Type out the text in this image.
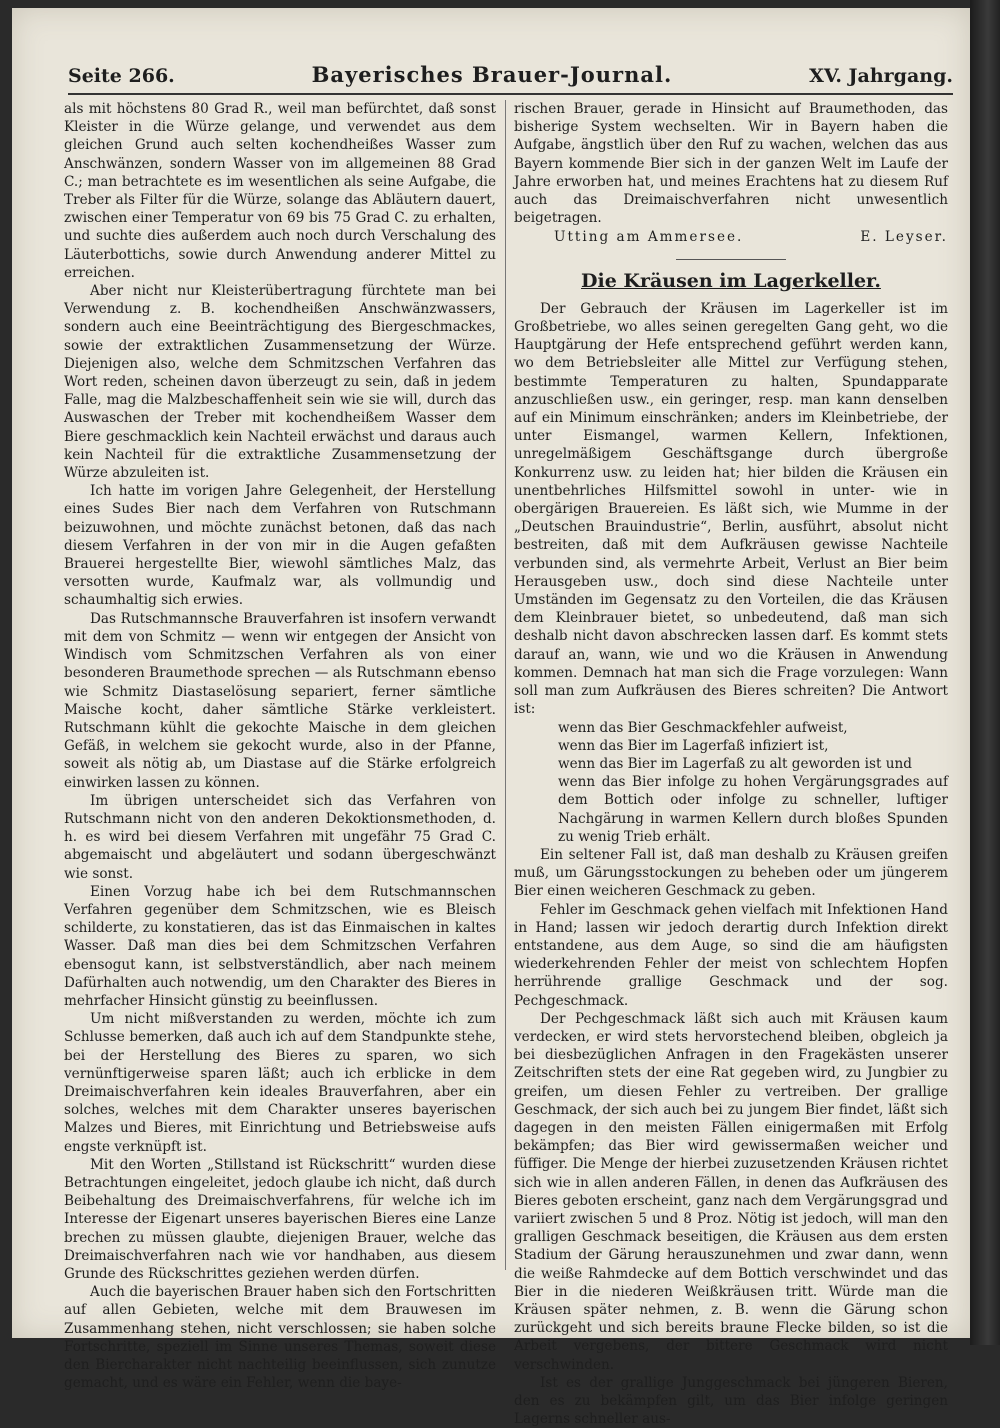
Seite 266.	Bayerisches Brauer-Journal.	XV. Jahrgang.

als mit höchstens 80 Grad R., weil man befürchtet, daß sonst Kleister in die Würze gelange, und verwendet aus dem gleichen Grund auch selten kochendheißes Wasser zum Anschwänzen, sondern Wasser von im allgemeinen 88 Grad C.; man betrachtete es im wesentlichen als seine Aufgabe, die Treber als Filter für die Würze, solange das Abläutern dauert, zwischen einer Temperatur von 69 bis 75 Grad C. zu erhalten, und suchte dies außerdem auch noch durch Verschalung des Läuterbottichs, sowie durch Anwendung anderer Mittel zu erreichen.

Aber nicht nur Kleisterübertragung fürchtete man bei Verwendung z. B. kochendheißen Anschwänzwassers, sondern auch eine Beeinträchtigung des Biergeschmackes, sowie der extraktlichen Zusammensetzung der Würze. Diejenigen also, welche dem Schmitzschen Verfahren das Wort reden, scheinen davon überzeugt zu sein, daß in jedem Falle, mag die Malzbeschaffenheit sein wie sie will, durch das Auswaschen der Treber mit kochendheißem Wasser dem Biere geschmacklich kein Nachteil erwächst und daraus auch kein Nachteil für die extraktliche Zusammensetzung der Würze abzuleiten ist.

Ich hatte im vorigen Jahre Gelegenheit, der Herstellung eines Sudes Bier nach dem Verfahren von Rutschmann beizuwohnen, und möchte zunächst betonen, daß das nach diesem Verfahren in der von mir in die Augen gefaßten Brauerei hergestellte Bier, wiewohl sämtliches Malz, das versotten wurde, Kaufmalz war, als vollmundig und schaumhaltig sich erwies.

Das Rutschmannsche Brauverfahren ist insofern verwandt mit dem von Schmitz — wenn wir entgegen der Ansicht von Windisch vom Schmitzschen Verfahren als von einer besonderen Braumethode sprechen — als Rutschmann ebenso wie Schmitz Diastaselösung separiert, ferner sämtliche Maische kocht, daher sämtliche Stärke verkleistert. Rutschmann kühlt die gekochte Maische in dem gleichen Gefäß, in welchem sie gekocht wurde, also in der Pfanne, soweit als nötig ab, um Diastase auf die Stärke erfolgreich einwirken lassen zu können.

Im übrigen unterscheidet sich das Verfahren von Rutschmann nicht von den anderen Dekoktionsmethoden, d. h. es wird bei diesem Verfahren mit ungefähr 75 Grad C. abgemaischt und abgeläutert und sodann übergeschwänzt wie sonst.

Einen Vorzug habe ich bei dem Rutschmannschen Verfahren gegenüber dem Schmitzschen, wie es Bleisch schilderte, zu konstatieren, das ist das Einmaischen in kaltes Wasser. Daß man dies bei dem Schmitzschen Verfahren ebensogut kann, ist selbstverständlich, aber nach meinem Dafürhalten auch notwendig, um den Charakter des Bieres in mehrfacher Hinsicht günstig zu beeinflussen.

Um nicht mißverstanden zu werden, möchte ich zum Schlusse bemerken, daß auch ich auf dem Standpunkte stehe, bei der Herstellung des Bieres zu sparen, wo sich vernünftigerweise sparen läßt; auch ich erblicke in dem Dreimaischverfahren kein ideales Brauverfahren, aber ein solches, welches mit dem Charakter unseres bayerischen Malzes und Bieres, mit Einrichtung und Betriebsweise aufs engste verknüpft ist.

Mit den Worten „Stillstand ist Rückschritt“ wurden diese Betrachtungen eingeleitet, jedoch glaube ich nicht, daß durch Beibehaltung des Dreimaischverfahrens, für welche ich im Interesse der Eigenart unseres bayerischen Bieres eine Lanze brechen zu müssen glaubte, diejenigen Brauer, welche das Dreimaischverfahren nach wie vor handhaben, aus diesem Grunde des Rückschrittes geziehen werden dürfen.

Auch die bayerischen Brauer haben sich den Fortschritten auf allen Gebieten, welche mit dem Brauwesen im Zusammenhang stehen, nicht verschlossen; sie haben solche Fortschritte, speziell im Sinne unseres Themas, soweit diese den Biercharakter nicht nachteilig beeinflussen, sich zunutze gemacht, und es wäre ein Fehler, wenn die baye-

rischen Brauer, gerade in Hinsicht auf Braumethoden, das bisherige System wechselten. Wir in Bayern haben die Aufgabe, ängstlich über den Ruf zu wachen, welchen das aus Bayern kommende Bier sich in der ganzen Welt im Laufe der Jahre erworben hat, und meines Erachtens hat zu diesem Ruf auch das Dreimaischverfahren nicht unwesentlich beigetragen.

Utting am Ammersee.	E. Leyser.
Die Kräusen im Lagerkeller.

Der Gebrauch der Kräusen im Lagerkeller ist im Großbetriebe, wo alles seinen geregelten Gang geht, wo die Hauptgärung der Hefe entsprechend geführt werden kann, wo dem Betriebsleiter alle Mittel zur Verfügung stehen, bestimmte Temperaturen zu halten, Spundapparate anzuschließen usw., ein geringer, resp. man kann denselben auf ein Minimum einschränken; anders im Kleinbetriebe, der unter Eismangel, warmen Kellern, Infektionen, unregelmäßigem Geschäftsgange durch übergroße Konkurrenz usw. zu leiden hat; hier bilden die Kräusen ein unentbehrliches Hilfsmittel sowohl in unter- wie in obergärigen Brauereien. Es läßt sich, wie Mumme in der „Deutschen Brauindustrie“, Berlin, ausführt, absolut nicht bestreiten, daß mit dem Aufkräusen gewisse Nachteile verbunden sind, als vermehrte Arbeit, Verlust an Bier beim Herausgeben usw., doch sind diese Nachteile unter Umständen im Gegensatz zu den Vorteilen, die das Kräusen dem Kleinbrauer bietet, so unbedeutend, daß man sich deshalb nicht davon abschrecken lassen darf. Es kommt stets darauf an, wann, wie und wo die Kräusen in Anwendung kommen. Demnach hat man sich die Frage vorzulegen: Wann soll man zum Aufkräusen des Bieres schreiten? Die Antwort ist:

wenn das Bier Geschmackfehler aufweist,
wenn das Bier im Lagerfaß infiziert ist,
wenn das Bier im Lagerfaß zu alt geworden ist und
wenn das Bier infolge zu hohen Vergärungsgrades auf dem Bottich oder infolge zu schneller, luftiger Nachgärung in warmen Kellern durch bloßes Spunden zu wenig Trieb erhält.

Ein seltener Fall ist, daß man deshalb zu Kräusen greifen muß, um Gärungsstockungen zu beheben oder um jüngerem Bier einen weicheren Geschmack zu geben.

Fehler im Geschmack gehen vielfach mit Infektionen Hand in Hand; lassen wir jedoch derartig durch Infektion direkt entstandene, aus dem Auge, so sind die am häufigsten wiederkehrenden Fehler der meist von schlechtem Hopfen herrührende grallige Geschmack und der sog. Pechgeschmack.

Der Pechgeschmack läßt sich auch mit Kräusen kaum verdecken, er wird stets hervorstechend bleiben, obgleich ja bei diesbezüglichen Anfragen in den Fragekästen unserer Zeitschriften stets der eine Rat gegeben wird, zu Jungbier zu greifen, um diesen Fehler zu vertreiben. Der grallige Geschmack, der sich auch bei zu jungem Bier findet, läßt sich dagegen in den meisten Fällen einigermaßen mit Erfolg bekämpfen; das Bier wird gewissermaßen weicher und füffiger. Die Menge der hierbei zuzusetzenden Kräusen richtet sich wie in allen anderen Fällen, in denen das Aufkräusen des Bieres geboten erscheint, ganz nach dem Vergärungsgrad und variiert zwischen 5 und 8 Proz. Nötig ist jedoch, will man den gralligen Geschmack beseitigen, die Kräusen aus dem ersten Stadium der Gärung herauszunehmen und zwar dann, wenn die weiße Rahmdecke auf dem Bottich verschwindet und das Bier in die niederen Weißkräusen tritt. Würde man die Kräusen später nehmen, z. B. wenn die Gärung schon zurückgeht und sich bereits braune Flecke bilden, so ist die Arbeit vergebens, der bittere Geschmack wird nicht verschwinden.

Ist es der grallige Junggeschmack bei jüngeren Bieren, den es zu bekämpfen gilt, um das Bier infolge geringen Lagerns schneller aus-
